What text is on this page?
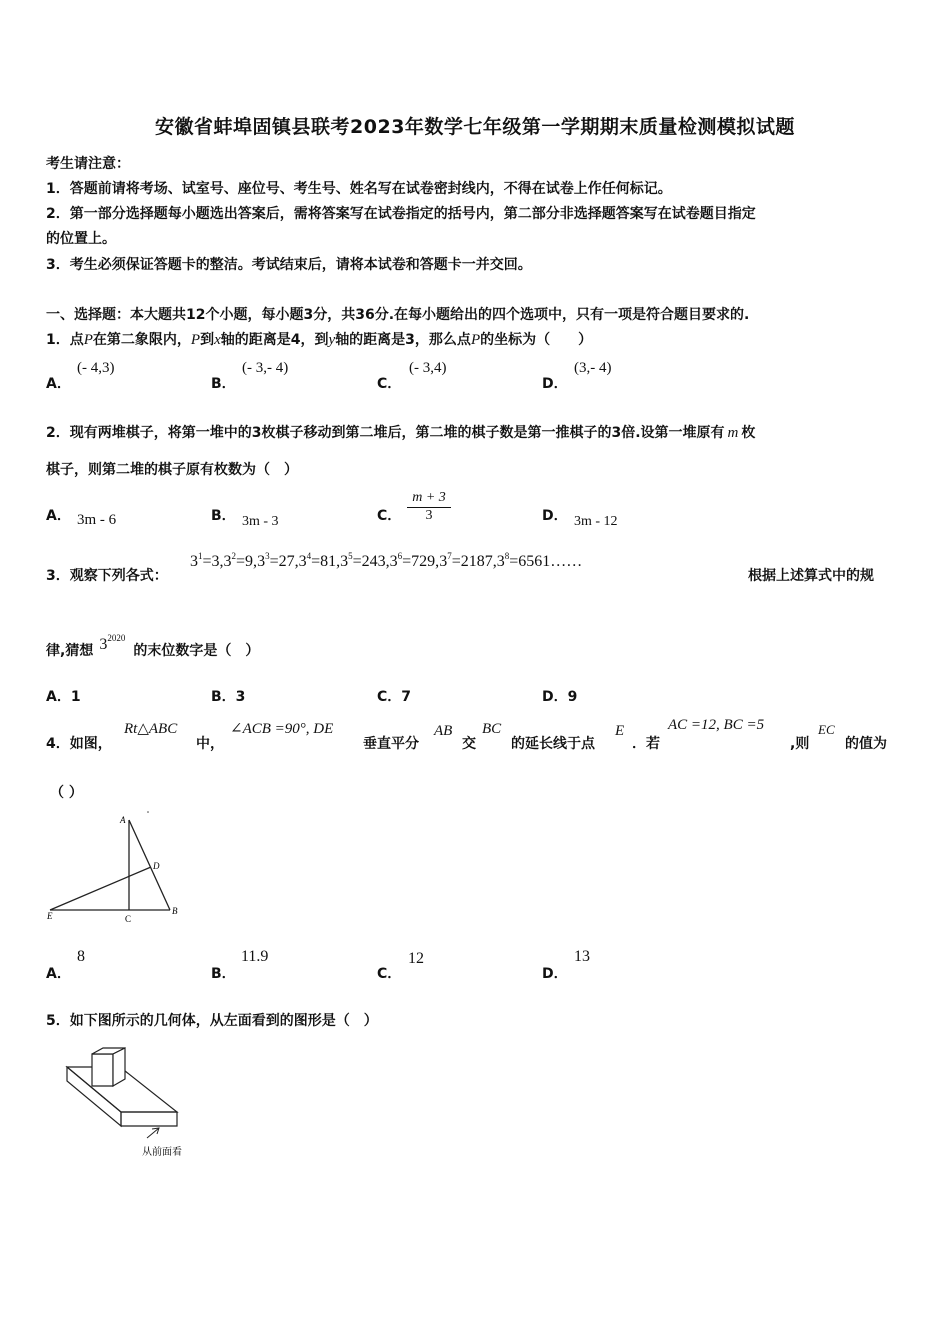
安徽省蚌埠固镇县联考2023年数学七年级第一学期期末质量检测模拟试题
考生请注意：
1．答题前请将考场、试室号、座位号、考生号、姓名写在试卷密封线内，不得在试卷上作任何标记。
2．第一部分选择题每小题选出答案后，需将答案写在试卷指定的括号内，第二部分非选择题答案写在试卷题目指定
的位置上。
3．考生必须保证答题卡的整洁。考试结束后，请将本试卷和答题卡一并交回。
一、选择题：本大题共12个小题，每小题3分，共36分.在每小题给出的四个选项中，只有一项是符合题目要求的.
1．点P在第二象限内，P到x轴的距离是4，到y轴的距离是3，那么点P的坐标为（　　）
A．
(- 4,3)
B．
(- 3,- 4)
C．
(- 3,4)
D．
(3,- 4)
2．现有两堆棋子，将第一堆中的3枚棋子移动到第二堆后，第二堆的棋子数是第一推棋子的3倍.设第一堆原有 m 枚
棋子，则第二堆的棋子原有枚数为（　）
A． 3m - 6	B． 3m - 3	C． $\frac{m + 3}{3}$	D． 3m - 12
3．观察下列各式：
$3^1=3,3^2=9,3^3=27,3^4=81,3^5=243,3^6=729,3^7=2187,3^8=6561\dots\dots$
根据上述算式中的规
律,猜想 $3^{2020}$的末位数字是（　）
A．1	B．3	C．7	D．9
4．如图，
Rt△ABC
中，
∠ACB =90°, DE
垂直平分
AB
交
BC
的延长线于点
E
．若
AC =12, BC =5
,则
EC
的值为
（ ）
A
D
E	C
B
A．
8
B．
11.9
C．
12
D．
13
5．如下图所示的几何体，从左面看到的图形是（　）
从前面看
